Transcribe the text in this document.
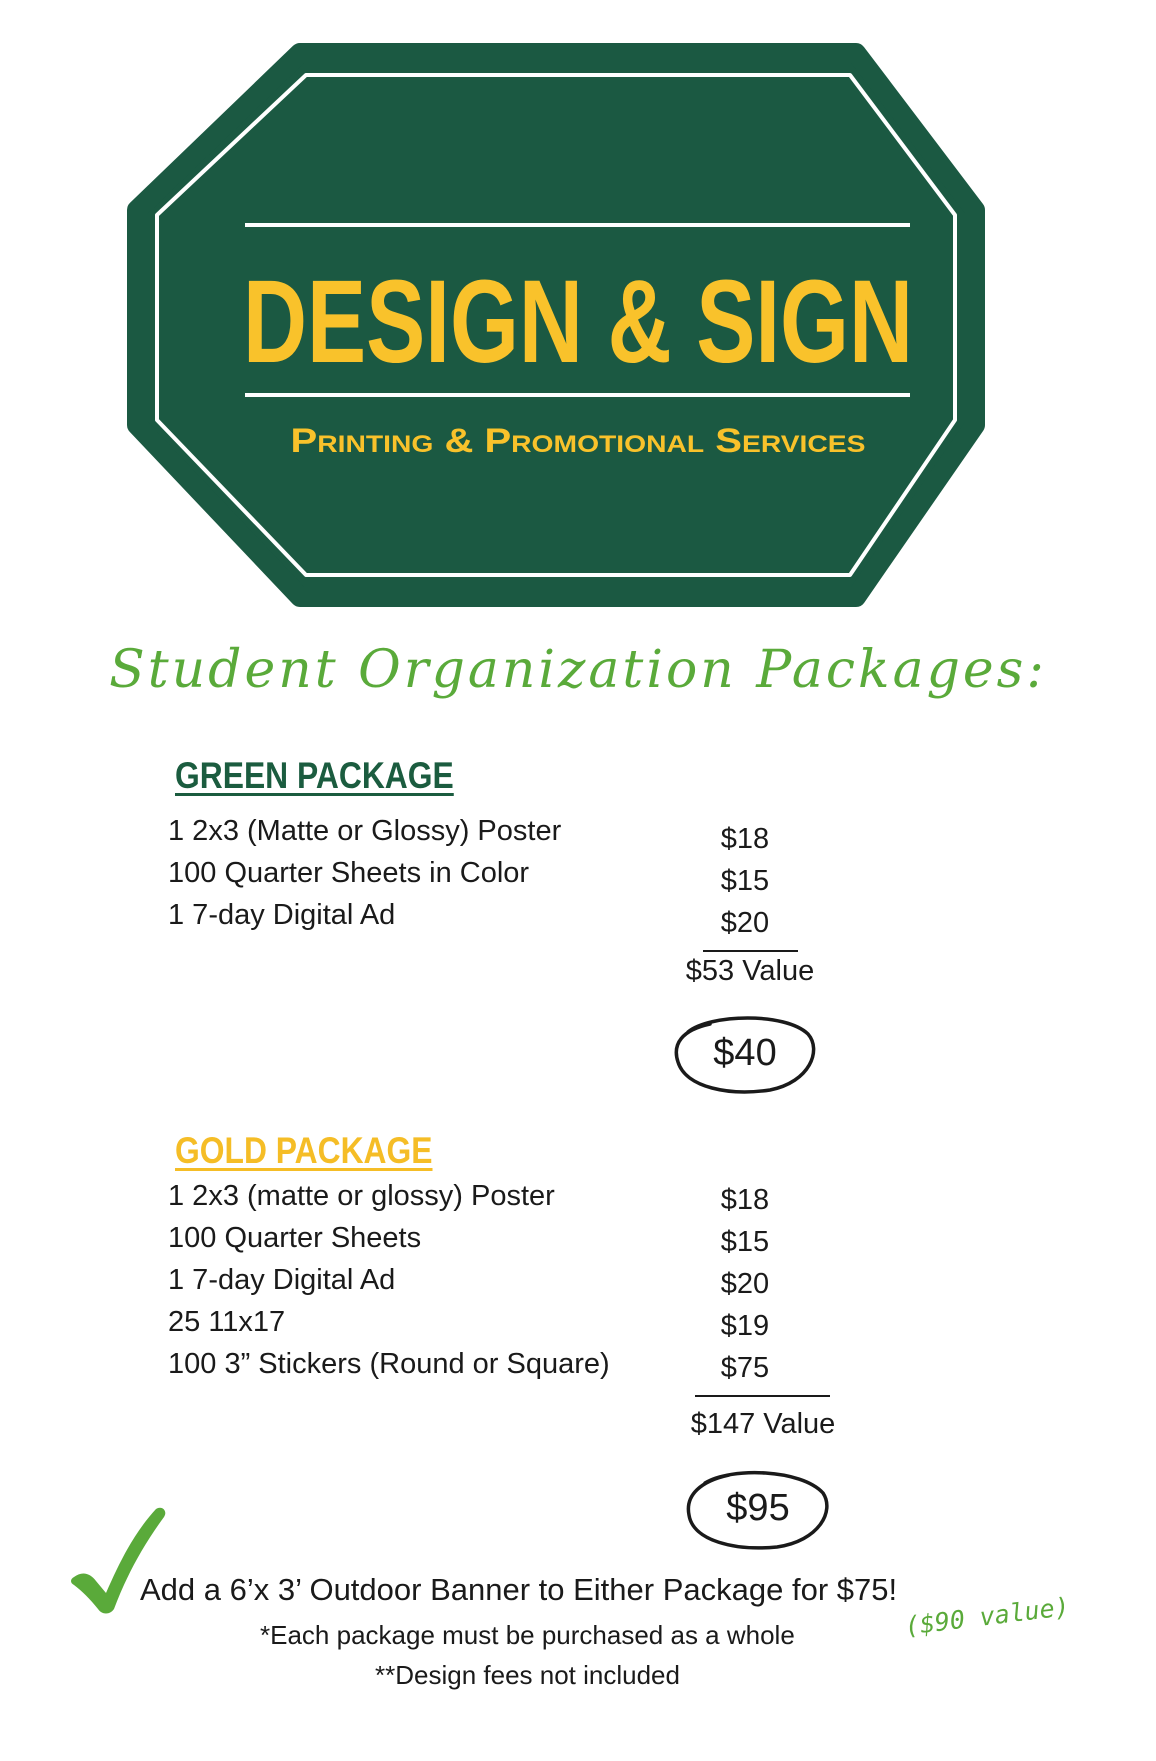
DESIGN & SIGN
Printing & Promotional Services
Student Organization Packages:
GREEN PACKAGE
1 2x3 (Matte or Glossy) Poster
100 Quarter Sheets in Color
1 7-day Digital Ad
$18
$15
$20
$53 Value
$40
GOLD PACKAGE
1 2x3 (matte or glossy) Poster
100 Quarter Sheets
1 7-day Digital Ad
25 11x17
100 3” Stickers (Round or Square)
$18
$15
$20
$19
$75
$147 Value
$95
Add a 6’x 3’ Outdoor Banner to Either Package for $75!
*Each package must be purchased as a whole	($90 value)
**Design fees not included
